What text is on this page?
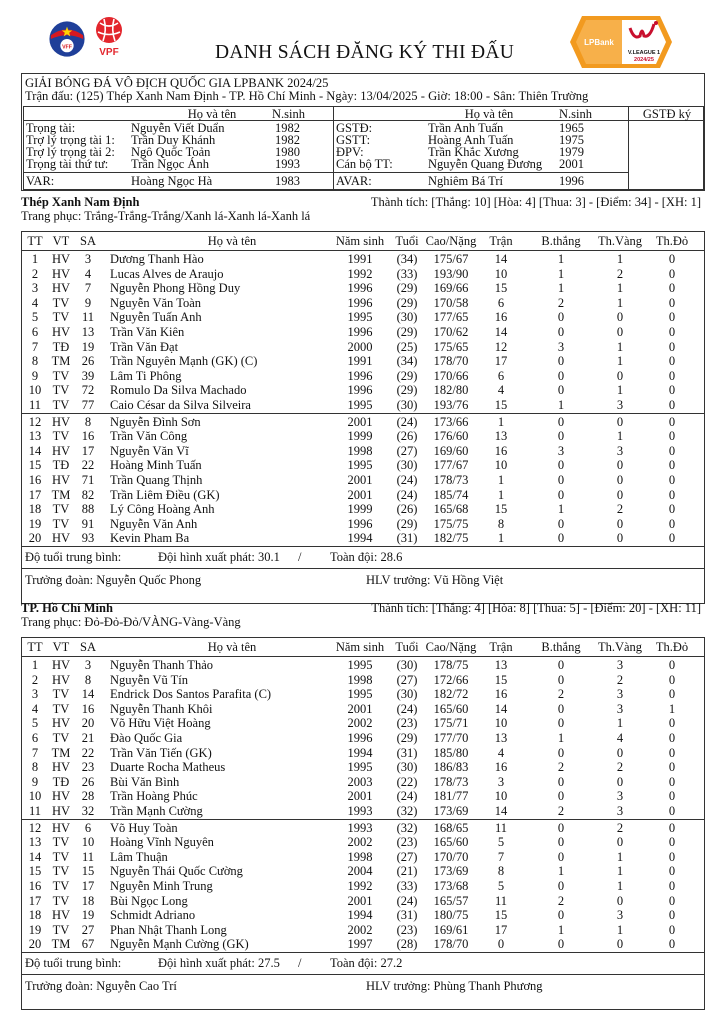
VFF	VPF
LPBank
V.LEAGUE 1
2024/25
DANH SÁCH ĐĂNG KÝ THI ĐẤU
GIẢI BÓNG ĐÁ VÔ ĐỊCH QUỐC GIA LPBANK 2024/25
Trận đấu: (125) Thép Xanh Nam Định - TP. Hồ Chí Minh - Ngày: 13/04/2025 - Giờ: 18:00 - Sân: Thiên Trường
Họ và tên	N.sinh
Trọng tài:	Nguyễn Viết Duẩn	1982
Trợ lý trọng tài 1: Trần Duy Khánh	1982
Trợ lý trọng tài 2: Ngô Quốc Toản	1980
Trọng tài thứ tư: Trần Ngọc Ánh	1993
VAR:	Hoàng Ngọc Hà	1983
Họ và tên	N.sinh
GSTĐ:	Trần Anh Tuấn	1965
GSTT:	Hoàng Anh Tuấn	1975
ĐPV:	Trần Khắc Xương	1979
Cán bộ TT:	Nguyễn Quang Đương 2001
AVAR:	Nghiêm Bá Trí	1996
GSTĐ ký
Thép Xanh Nam Định	Thành tích: [Thắng: 10] [Hòa: 4] [Thua: 3] - [Điểm: 34] - [XH: 1]
Trang phục: Trắng-Trắng-Trắng/Xanh lá-Xanh lá-Xanh lá
TT VT SA	Họ và tên	Năm sinh Tuổi Cao/Nặng	Trận	B.thắng	Th.Vàng	Th.Đỏ
1	HV	3	Dương Thanh Hào	1991	(34)	175/67	14	1	1	0
2	HV	4	Lucas Alves de Araujo	1992	(33)	193/90	10	1	2	0
3	HV	7	Nguyễn Phong Hồng Duy	1996	(29)	169/66	15	1	1	0
4	TV	9	Nguyễn Văn Toàn	1996	(29)	170/58	6	2	1	0
5	TV	11	Nguyễn Tuấn Anh	1995	(30)	177/65	16	0	0	0
6	HV 13	Trần Văn Kiên	1996	(29)	170/62	14	0	0	0
7	TĐ 19	Trần Văn Đạt	2000	(25)	175/65	12	3	1	0
8	TM 26	Trần Nguyên Mạnh (GK) (C)	1991	(34)	178/70	17	0	1	0
9	TV 39	Lâm Ti Phông	1996	(29)	170/66	6	0	0	0
10 TV 72	Romulo Da Silva Machado	1996	(29)	182/80	4	0	1	0
11 TV 77	Caio César da Silva Silveira	1995	(30)	193/76	15	1	3	0
12 HV	8	Nguyễn Đình Sơn	2001	(24)	173/66	1	0	0	0
13 TV 16	Trần Văn Công	1999	(26)	176/60	13	0	1	0
14 HV 17	Nguyễn Văn Vĩ	1998	(27)	169/60	16	3	3	0
15 TĐ 22	Hoàng Minh Tuấn	1995	(30)	177/67	10	0	0	0
16 HV 71	Trần Quang Thịnh	2001	(24)	178/73	1	0	0	0
17 TM 82	Trần Liêm Điều (GK)	2001	(24)	185/74	1	0	0	0
18 TV 88	Lý Công Hoàng Anh	1999	(26)	165/68	15	1	2	0
19 TV 91	Nguyễn Văn Anh	1996	(29)	175/75	8	0	0	0
20 HV 93	Kevin Pham Ba	1994	(31)	182/75	1	0	0	0
Độ tuổi trung bình:	Đội hình xuất phát: 30.1 / Toàn đội: 28.6
Trưởng đoàn: Nguyễn Quốc Phong	HLV trưởng: Vũ Hồng Việt
TP. Hồ Chí Minh	Thành tích: [Thắng: 4] [Hòa: 8] [Thua: 5] - [Điểm: 20] - [XH: 11]
Trang phục: Đỏ-Đỏ-Đỏ/VÀNG-Vàng-Vàng
TT VT SA	Họ và tên	Năm sinh Tuổi Cao/Nặng	Trận	B.thắng	Th.Vàng	Th.Đỏ
1	HV	3	Nguyễn Thanh Thảo	1995	(30)	178/75	13	0	3	0
2	HV	8	Nguyễn Vũ Tín	1998	(27)	172/66	15	0	2	0
3	TV 14	Endrick Dos Santos Parafita (C)	1995	(30)	182/72	16	2	3	0
4	TV 16	Nguyễn Thanh Khôi	2001	(24)	165/60	14	0	3	1
5	HV 20	Võ Hữu Việt Hoàng	2002	(23)	175/71	10	0	1	0
6	TV 21	Đào Quốc Gia	1996	(29)	177/70	13	1	4	0
7	TM 22	Trần Văn Tiến (GK)	1994	(31)	185/80	4	0	0	0
8	HV 23	Duarte Rocha Matheus	1995	(30)	186/83	16	2	2	0
9	TĐ 26	Bùi Văn Bình	2003	(22)	178/73	3	0	0	0
10 HV 28	Trần Hoàng Phúc	2001	(24)	181/77	10	0	3	0
11 HV 32	Trần Mạnh Cường	1993	(32)	173/69	14	2	3	0
12 HV	6	Võ Huy Toàn	1993	(32)	168/65	11	0	2	0
13 TV 10	Hoàng Vĩnh Nguyên	2002	(23)	165/60	5	0	0	0
14 TV	11	Lâm Thuận	1998	(27)	170/70	7	0	1	0
15 TV 15	Nguyễn Thái Quốc Cường	2004	(21)	173/69	8	1	1	0
16 TV 17	Nguyễn Minh Trung	1992	(33)	173/68	5	0	1	0
17 TV 18	Bùi Ngọc Long	2001	(24)	165/57	11	2	0	0
18 HV 19	Schmidt Adriano	1994	(31)	180/75	15	0	3	0
19 TV 27	Phan Nhật Thanh Long	2002	(23)	169/61	17	1	1	0
20 TM 67	Nguyễn Mạnh Cường (GK)	1997	(28)	178/70	0	0	0	0
Độ tuổi trung bình:	Đội hình xuất phát: 27.5 / Toàn đội: 27.2
Trưởng đoàn: Nguyễn Cao Trí	HLV trưởng: Phùng Thanh Phương
